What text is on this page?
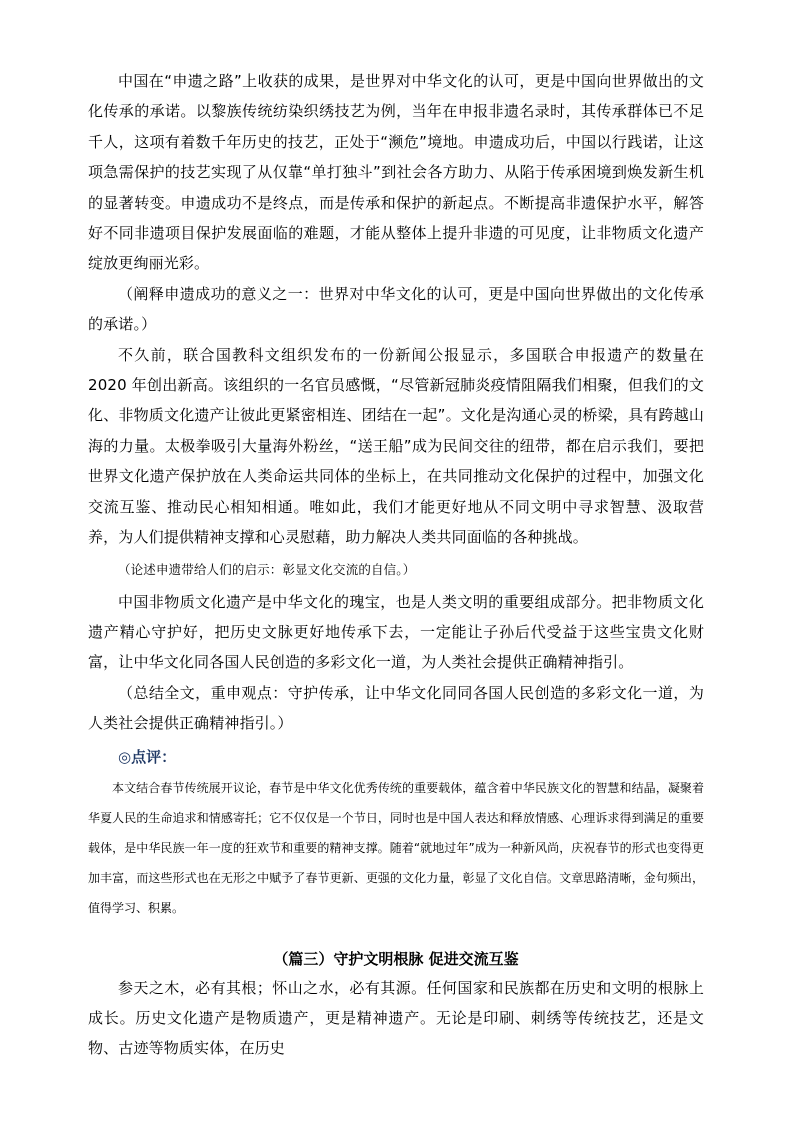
中国在“申遗之路”上收获的成果，是世界对中华文化的认可，更是中国向世界做出的文化传承的承诺。以黎族传统纺染织绣技艺为例，当年在申报非遗名录时，其传承群体已不足千人，这项有着数千年历史的技艺，正处于“濒危”境地。申遗成功后，中国以行践诺，让这项急需保护的技艺实现了从仅靠“单打独斗”到社会各方助力、从陷于传承困境到焕发新生机的显著转变。申遗成功不是终点，而是传承和保护的新起点。不断提高非遗保护水平，解答好不同非遗项目保护发展面临的难题，才能从整体上提升非遗的可见度，让非物质文化遗产绽放更绚丽光彩。

（阐释申遗成功的意义之一：世界对中华文化的认可，更是中国向世界做出的文化传承的承诺。）

不久前，联合国教科文组织发布的一份新闻公报显示，多国联合申报遗产的数量在 2020 年创出新高。该组织的一名官员感慨，“尽管新冠肺炎疫情阻隔我们相聚，但我们的文化、非物质文化遗产让彼此更紧密相连、团结在一起”。文化是沟通心灵的桥梁，具有跨越山海的力量。太极拳吸引大量海外粉丝，“送王船”成为民间交往的纽带，都在启示我们，要把世界文化遗产保护放在人类命运共同体的坐标上，在共同推动文化保护的过程中，加强文化交流互鉴、推动民心相知相通。唯如此，我们才能更好地从不同文明中寻求智慧、汲取营养，为人们提供精神支撑和心灵慰藉，助力解决人类共同面临的各种挑战。

（论述申遗带给人们的启示：彰显文化交流的自信。）

中国非物质文化遗产是中华文化的瑰宝，也是人类文明的重要组成部分。把非物质文化遗产精心守护好，把历史文脉更好地传承下去，一定能让子孙后代受益于这些宝贵文化财富，让中华文化同各国人民创造的多彩文化一道，为人类社会提供正确精神指引。

（总结全文，重申观点：守护传承，让中华文化同同各国人民创造的多彩文化一道，为人类社会提供正确精神指引。）

◎点评：

本文结合春节传统展开议论，春节是中华文化优秀传统的重要载体，蕴含着中华民族文化的智慧和结晶，凝聚着华夏人民的生命追求和情感寄托；它不仅仅是一个节日，同时也是中国人表达和释放情感、心理诉求得到满足的重要载体，是中华民族一年一度的狂欢节和重要的精神支撑。随着“就地过年”成为一种新风尚，庆祝春节的形式也变得更加丰富，而这些形式也在无形之中赋予了春节更新、更强的文化力量，彰显了文化自信。文章思路清晰，金句频出，值得学习、积累。

（篇三）守护文明根脉 促进交流互鉴

参天之木，必有其根；怀山之水，必有其源。任何国家和民族都在历史和文明的根脉上成长。历史文化遗产是物质遗产，更是精神遗产。无论是印刷、刺绣等传统技艺，还是文物、古迹等物质实体，在历史
